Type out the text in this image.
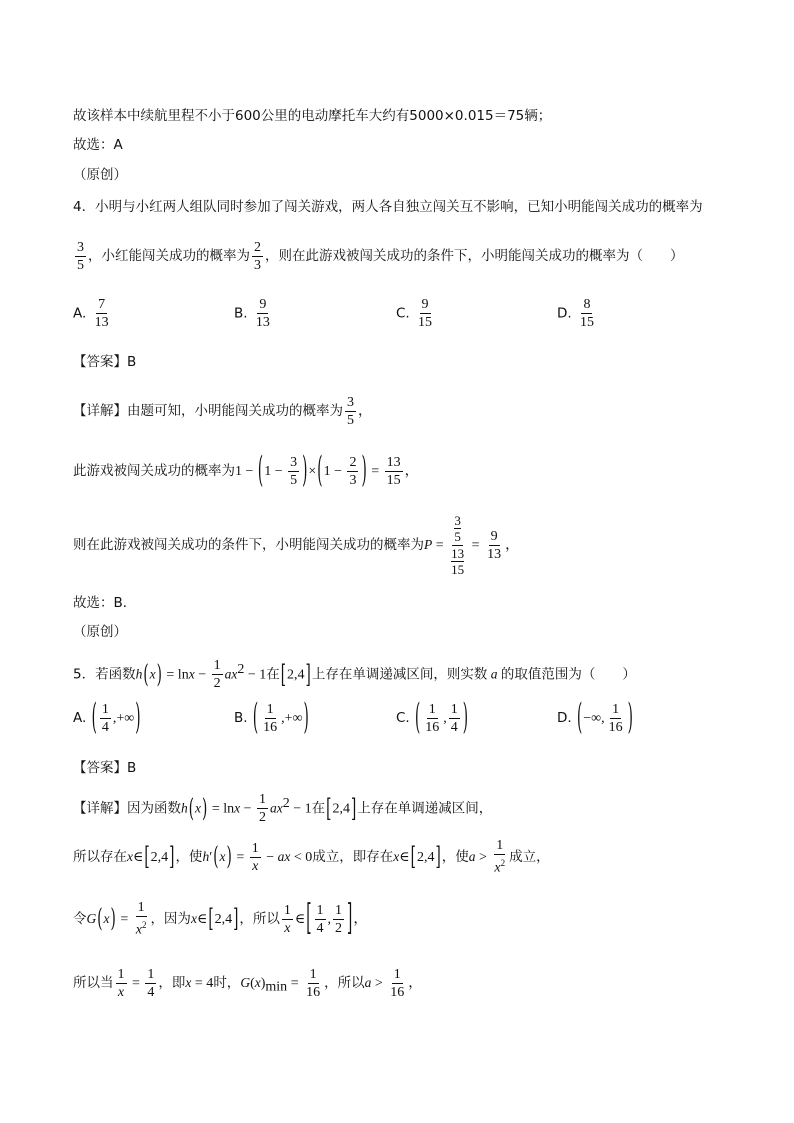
故该样本中续航里程不小于600公里的电动摩托车大约有5000×0.015＝75辆；
故选：A
（原创）
4．小明与小红两人组队同时参加了闯关游戏，两人各自独立闯关互不影响，已知小明能闯关成功的概率为
$\frac{3}{5}$ ，小红能闯关成功的概率为 $\frac{2}{3}$ ，则在此游戏被闯关成功的条件下，小明能闯关成功的概率为（　　）
A. $\frac{7}{13}$	B. $\frac{9}{13}$	C. $\frac{9}{15}$	D. $\frac{8}{15}$
【答案】B
【详解】由题可知，小明能闯关成功的概率为 $\frac{3}{5}$ ，
此游戏被闯关成功的概率为$1 - (1 - \frac{3}{5} )\times(1 - \frac{2}{3}$ ) = $\frac{13}{15}$ ，
则在此游戏被闯关成功的条件下，小明能闯关成功的概率为P = 3
5
13
$15 = \frac{9}{13}$ ，
故选：B．
（原创）
5．若函数$h(x) = \ln x - \frac{1}{2} ax^2 - 1$在[2,4]上存在单调递减区间，则实数 a 的取值范围为（　　）
A. ( $\frac{1}{4}$ ,+∞)	B. ( $\frac{1}{16}$ ,+∞)	C. ( $\frac{1}{16}$ , $\frac{1}{4}$ )	D. (−∞, $\frac{1}{16}$ )
【答案】B
【详解】因为函数$h(x) = \ln x - \frac{1}{2} ax^2 - 1$在[2,4]上存在单调递减区间，
所以存在x∈[2,4]，使$h'(x) = \frac{1}{x}$ − ax < 0成立，即存在x∈[2,4]，使$a > \frac{1}{x^2}$ 成立，
令$G(x) = \frac{1}{x^2}$ ，因为x∈[2,4]，所以 $\frac{1}{x}$ ∈[ $\frac{1}{4}$ , $\frac{1}{2}$ ]，
所以当 $\frac{1}{x} = \frac{1}{4}$ ，即x = 4时，$G(x)_{min} = \frac{1}{16}$ ，所以$a > \frac{1}{16}$ ，
